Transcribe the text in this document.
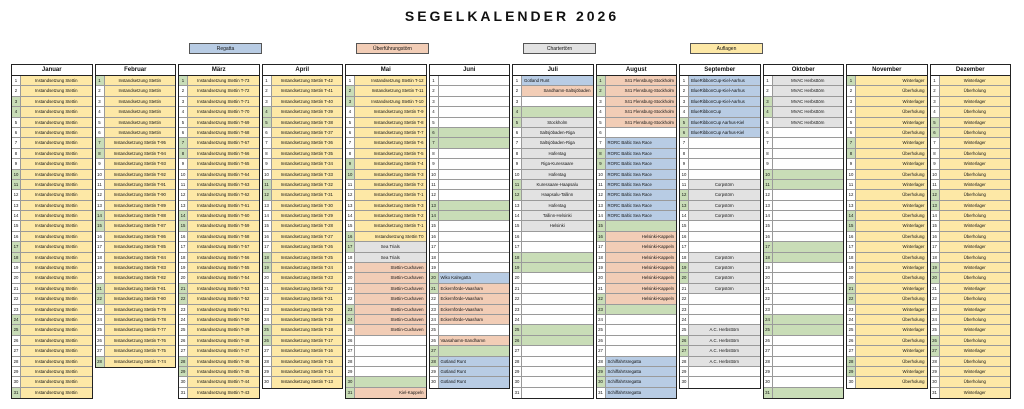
SEGELKALENDER 2026
Regatta	Überführungstörn	Chartertörn	Auflagen
Januar
1	Instandsetzung Stettin
2	Instandsetzung Stettin
3	Instandsetzung Stettin
4	Instandsetzung Stettin
5	Instandsetzung Stettin
6	Instandsetzung Stettin
7	Instandsetzung Stettin
8	Instandsetzung Stettin
9	Instandsetzung Stettin
10	Instandsetzung Stettin
11	Instandsetzung Stettin
12	Instandsetzung Stettin
13	Instandsetzung Stettin
14	Instandsetzung Stettin
15	Instandsetzung Stettin
16	Instandsetzung Stettin
17	Instandsetzung Stettin
18	Instandsetzung Stettin
19	Instandsetzung Stettin
20	Instandsetzung Stettin
21	Instandsetzung Stettin
22	Instandsetzung Stettin
23	Instandsetzung Stettin
24	Instandsetzung Stettin
25	Instandsetzung Stettin
26	Instandsetzung Stettin
27	Instandsetzung Stettin
28	Instandsetzung Stettin
29	Instandsetzung Stettin
30	Instandsetzung Stettin
31	Instandsetzung Stettin
Februar
1	Instandsetzung Stettin
2	Instandsetzung Stettin
3	Instandsetzung Stettin
4	Instandsetzung Stettin
5	Instandsetzung Stettin
6	Instandsetzung Stettin
7	Instandsetzung Stettin T-95
8	Instandsetzung Stettin T-94
9	Instandsetzung Stettin T-93
10	Instandsetzung Stettin T-92
11	Instandsetzung Stettin T-91
12	Instandsetzung Stettin T-90
13	Instandsetzung Stettin T-89
14	Instandsetzung Stettin T-88
15	Instandsetzung Stettin T-87
16	Instandsetzung Stettin T-86
17	Instandsetzung Stettin T-85
18	Instandsetzung Stettin T-84
19	Instandsetzung Stettin T-83
20	Instandsetzung Stettin T-82
21	Instandsetzung Stettin T-81
22	Instandsetzung Stettin T-80
23	Instandsetzung Stettin T-79
24	Instandsetzung Stettin T-78
25	Instandsetzung Stettin T-77
26	Instandsetzung Stettin T-76
27	Instandsetzung Stettin T-75
28	Instandsetzung Stettin T-74
März
1	Instandsetzung Stettin T-73
2	Instandsetzung Stettin T-72
3	Instandsetzung Stettin T-71
4	Instandsetzung Stettin T-70
5	Instandsetzung Stettin T-69
6	Instandsetzung Stettin T-68
7	Instandsetzung Stettin T-67
8	Instandsetzung Stettin T-66
9	Instandsetzung Stettin T-65
10	Instandsetzung Stettin T-64
11	Instandsetzung Stettin T-63
12	Instandsetzung Stettin T-62
13	Instandsetzung Stettin T-61
14	Instandsetzung Stettin T-60
15	Instandsetzung Stettin T-59
16	Instandsetzung Stettin T-58
17	Instandsetzung Stettin T-57
18	Instandsetzung Stettin T-56
19	Instandsetzung Stettin T-55
20	Instandsetzung Stettin T-54
21	Instandsetzung Stettin T-53
22	Instandsetzung Stettin T-52
23	Instandsetzung Stettin T-51
24	Instandsetzung Stettin T-50
25	Instandsetzung Stettin T-49
26	Instandsetzung Stettin T-48
27	Instandsetzung Stettin T-47
28	Instandsetzung Stettin T-46
29	Instandsetzung Stettin T-45
30	Instandsetzung Stettin T-44
31	Instandsetzung Stettin T-43
April
1	Instandsetzung Stettin T-42
2	Instandsetzung Stettin T-41
3	Instandsetzung Stettin T-40
4	Instandsetzung Stettin T-39
5	Instandsetzung Stettin T-38
6	Instandsetzung Stettin T-37
7	Instandsetzung Stettin T-36
8	Instandsetzung Stettin T-35
9	Instandsetzung Stettin T-34
10	Instandsetzung Stettin T-33
11	Instandsetzung Stettin T-32
12	Instandsetzung Stettin T-31
13	Instandsetzung Stettin T-30
14	Instandsetzung Stettin T-29
15	Instandsetzung Stettin T-28
16	Instandsetzung Stettin T-27
17	Instandsetzung Stettin T-26
18	Instandsetzung Stettin T-25
19	Instandsetzung Stettin T-24
20	Instandsetzung Stettin T-23
21	Instandsetzung Stettin T-22
22	Instandsetzung Stettin T-21
23	Instandsetzung Stettin T-20
24	Instandsetzung Stettin T-19
25	Instandsetzung Stettin T-18
26	Instandsetzung Stettin T-17
27	Instandsetzung Stettin T-16
28	Instandsetzung Stettin T-15
29	Instandsetzung Stettin T-14
30	Instandsetzung Stettin T-13
Mai
1	Instandsetzung Stettin T-12
2	Instandsetzung Stettin T-11
3	Instandsetzung Stettin T-10
4	Instandsetzung Stettin T-9
5	Instandsetzung Stettin T-8
6	Instandsetzung Stettin T-7
7	Instandsetzung Stettin T-6
8	Instandsetzung Stettin T-5
9	Instandsetzung Stettin T-4
10	Instandsetzung Stettin T-3
11	Instandsetzung Stettin T-2
12	Instandsetzung Stettin T-1
13	Instandsetzung Stettin T-3
14	Instandsetzung Stettin T-2
15	Instandsetzung Stettin T-1
16	Instandsetzung Stettin T0
17	Sea Trials
18	Sea Trials
19	Stettin-Cuxhaven
20	Stettin-Cuxhaven
21	Stettin-Cuxhaven
22	Stettin-Cuxhaven
23	Stettin-Cuxhaven
24	Stettin-Cuxhaven
25	Stettin-Cuxhaven
26
27
28
29
30
31	Kiel-Kappeln
Juni
1
2
3
4
5
6
7
8
9
10
11
12
13
14
15
16
17
18
19
20	Wiko Kalregatta
21	Eckernförde-Vaasham
22	Eckernförde-Vaasham
23	Eckernförde-Vaasham
24	Eckernförde-Vaasham
25
26	Vaasahamn-Sandhamn
27
28	Gotland Runt
29	Gotland Runt
30	Gotland Runt
Juli
1	Gotland Runt
2	Sandhamn-Saltsjöbaden
3
4
5	Stockholm
6	Saltsjöbaden-Riga
7	Saltsjöbaden-Riga
8	Hafentag
9	Riga-Kuressaare
10	Hafentag
11	Kuressaare-Haapsalu
12	Haapsalu-Tallinn
13	Hafentag
14	Tallinn-Helsinki
15	Helsinki
16
17
18
19
20
21
22
23
24
25
26
27
28
29
30
31
August
1	X41 Flensburg-Stockholm
2	X41 Flensburg-Stockholm
3	X41 Flensburg-Stockholm
4	X41 Flensburg-Stockholm
5	X41 Flensburg-Stockholm
6
7	RORC Baltic Sea Race
8	RORC Baltic Sea Race
9	RORC Baltic Sea Race
10	RORC Baltic Sea Race
11	RORC Baltic Sea Race
12	RORC Baltic Sea Race
13	RORC Baltic Sea Race
14	RORC Baltic Sea Race
15
16	Helsinki-Kappeln
17	Helsinki-Kappeln
18	Helsinki-Kappeln
19	Helsinki-Kappeln
20	Helsinki-Kappeln
21	Helsinki-Kappeln
22	Helsinki-Kappeln
23
24
25
26
27
28	Schiffahrtsregatta
29	Schiffahrtsregatta
30	Schiffahrtsregatta
31	Schiffahrtsregatta
September
1	BlueRibbonCup-Kiel-Aarhus
2	BlueRibbonCup-Kiel-Aarhus
3	BlueRibbonCup-Kiel-Aarhus
4	BlueRibbonCup
5	BlueRibbonCup Aarhus-Kiel
6	BlueRibbonCup Aarhus-Kiel
7
8
9
10
11	Corpstörn
12	Corpstörn
13	Corpstörn
14	Corpstörn
15
16
17
18	Corpstörn
19	Corpstörn
20	Corpstörn
21	Corpstörn
22
23
24
25	A.C. Herbsttörn
26	A.C. Herbsttörn
27	A.C. Herbsttörn
28	A.C. Herbsttörn
29
30
Oktober
1	MVAC Herbsttörn
2	MVAC Herbsttörn
3	MVAC Herbsttörn
4	MVAC Herbsttörn
5	MVAC Herbsttörn
6
7
8
9
10
11
12
13
14
15
16
17
18
19
20
21
22
23
24
25
26
27
28
29
30
31
November
1	Winterlager
2	Überholung
3	Winterlager
4	Überholung
5	Winterlager
6	Überholung
7	Winterlager
8	Überholung
9	Winterlager
10	Überholung
11	Winterlager
12	Überholung
13	Winterlager
14	Überholung
15	Winterlager
16	Überholung
17	Winterlager
18	Überholung
19	Winterlager
20	Überholung
21	Winterlager
22	Überholung
23	Winterlager
24	Überholung
25	Winterlager
26	Überholung
27	Winterlager
28	Überholung
29	Winterlager
30	Überholung
Dezember
1	Winterlager
2	Überholung
3	Winterlager
4	Überholung
5	Winterlager
6	Überholung
7	Winterlager
8	Überholung
9	Winterlager
10	Überholung
11	Winterlager
12	Überholung
13	Winterlager
14	Überholung
15	Winterlager
16	Überholung
17	Winterlager
18	Überholung
19	Winterlager
20	Überholung
21	Winterlager
22	Überholung
23	Winterlager
24	Überholung
25	Winterlager
26	Überholung
27	Winterlager
28	Überholung
29	Winterlager
30	Überholung
31	Winterlager
